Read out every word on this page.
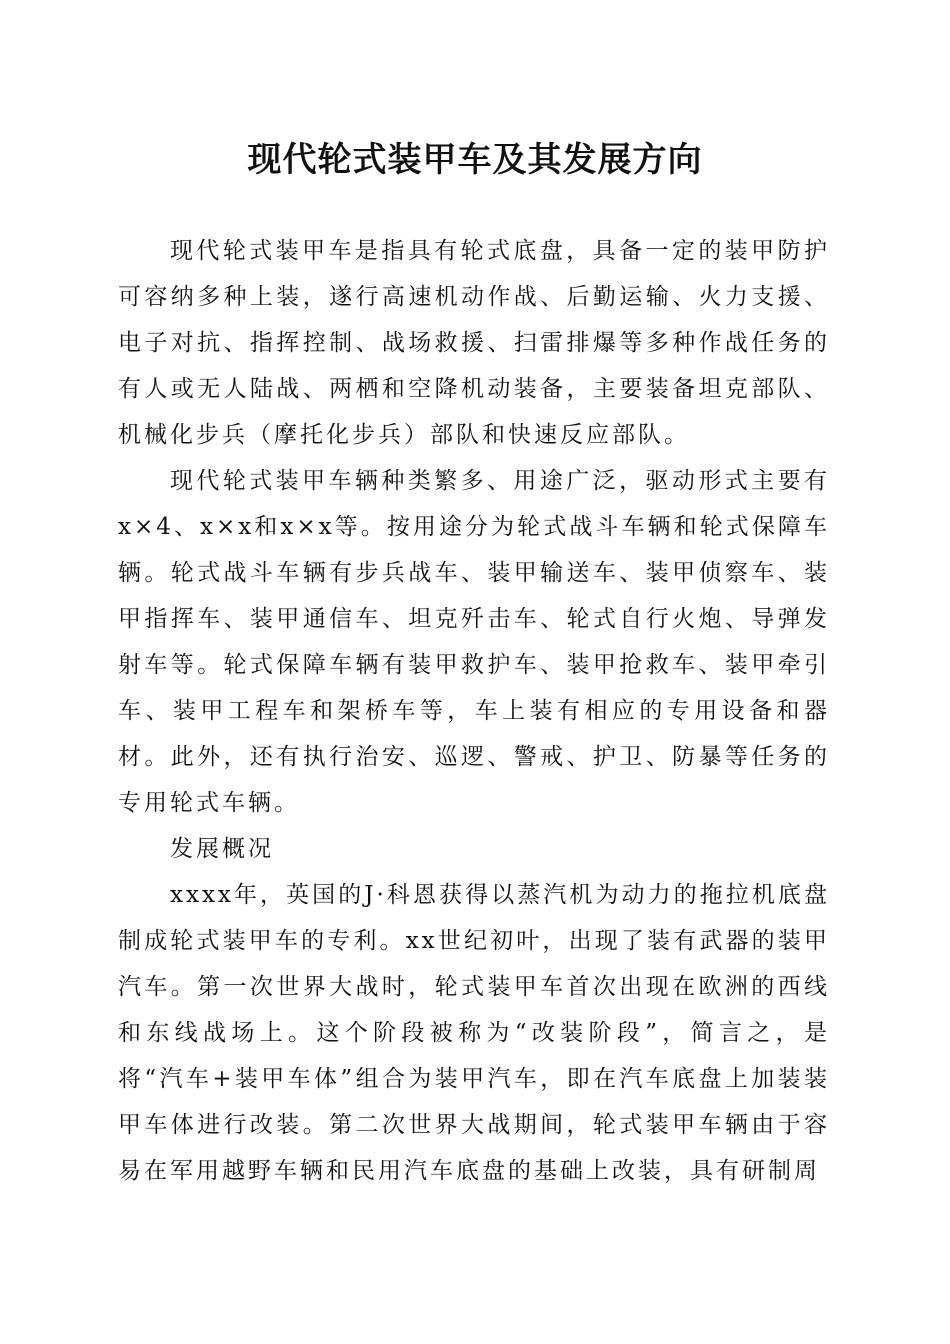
现代轮式装甲车及其发展方向

现代轮式装甲车是指具有轮式底盘，具备一定的装甲防护可容纳多种上装，遂行高速机动作战、后勤运输、火力支援、电子对抗、指挥控制、战场救援、扫雷排爆等多种作战任务的有人或无人陆战、两栖和空降机动装备，主要装备坦克部队、机械化步兵（摩托化步兵）部队和快速反应部队。

现代轮式装甲车辆种类繁多、用途广泛，驱动形式主要有x×4、x×x和x×x等。按用途分为轮式战斗车辆和轮式保障车辆。轮式战斗车辆有步兵战车、装甲输送车、装甲侦察车、装甲指挥车、装甲通信车、坦克歼击车、轮式自行火炮、导弹发射车等。轮式保障车辆有装甲救护车、装甲抢救车、装甲牵引车、装甲工程车和架桥车等，车上装有相应的专用设备和器材。此外，还有执行治安、巡逻、警戒、护卫、防暴等任务的专用轮式车辆。

发展概况

xxxx年，英国的J·科恩获得以蒸汽机为动力的拖拉机底盘制成轮式装甲车的专利。xx世纪初叶，出现了装有武器的装甲汽车。第一次世界大战时，轮式装甲车首次出现在欧洲的西线和东线战场上。这个阶段被称为“改装阶段”，简言之，是将“汽车+装甲车体”组合为装甲汽车，即在汽车底盘上加装装甲车体进行改装。第二次世界大战期间，轮式装甲车辆由于容易在军用越野车辆和民用汽车底盘的基础上改装，具有研制周
